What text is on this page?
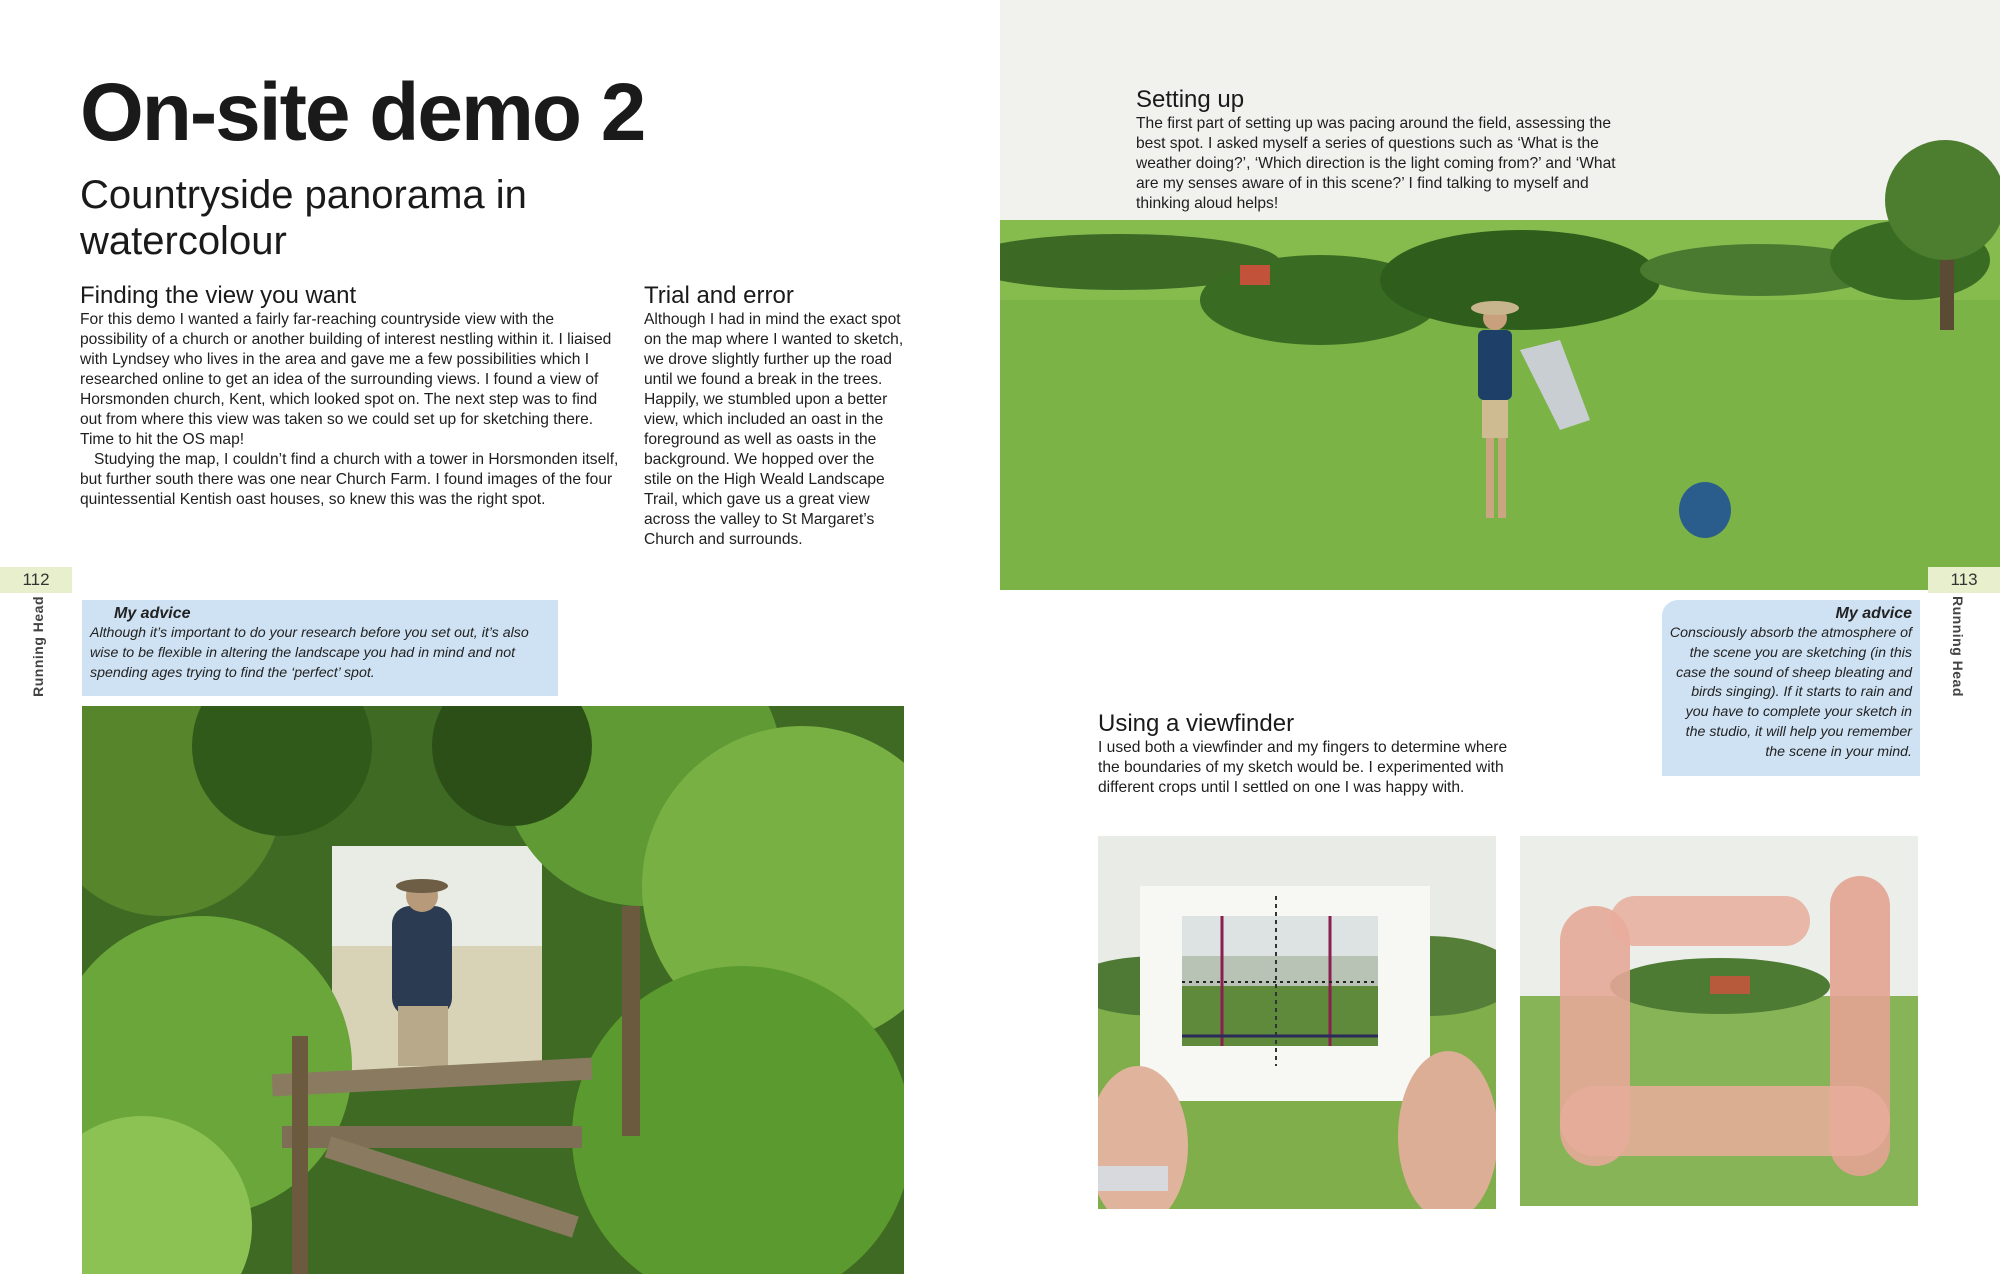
On-site demo 2
Countryside panorama in watercolour
Finding the view you want

For this demo I wanted a fairly far-reaching countryside view with the possibility of a church or another building of interest nestling within it. I liaised with Lyndsey who lives in the area and gave me a few possibilities which I researched online to get an idea of the surrounding views. I found a view of Horsmonden church, Kent, which looked spot on. The next step was to find out from where this view was taken so we could set up for sketching there. Time to hit the OS map!

Studying the map, I couldn’t find a church with a tower in Horsmonden itself, but further south there was one near Church Farm. I found images of the four quintessential Kentish oast houses, so knew this was the right spot.

Trial and error

Although I had in mind the exact spot on the map where I wanted to sketch, we drove slightly further up the road until we found a break in the trees. Happily, we stumbled upon a better view, which included an oast in the foreground as well as oasts in the background. We hopped over the stile on the High Weald Landscape Trail, which gave us a great view across the valley to St Margaret’s Church and surrounds.

112
Running Head	My advice
Although it’s important to do your research before you set out, it’s also wise to be flexible in altering the landscape you had in mind and not spending ages trying to find the ‘perfect’ spot.
Setting up

The first part of setting up was pacing around the field, assessing the best spot. I asked myself a series of questions such as ‘What is the weather doing?’, ‘Which direction is the light coming from?’ and ‘What are my senses aware of in this scene?’ I find talking to myself and thinking aloud helps!

113
Running Head
My advice
Consciously absorb the atmosphere of the scene you are sketching (in this case the sound of sheep bleating and birds singing). If it starts to rain and you have to complete your sketch in the studio, it will help you remember the scene in your mind.
Using a viewfinder

I used both a viewfinder and my fingers to determine where the boundaries of my sketch would be. I experimented with different crops until I settled on one I was happy with.
